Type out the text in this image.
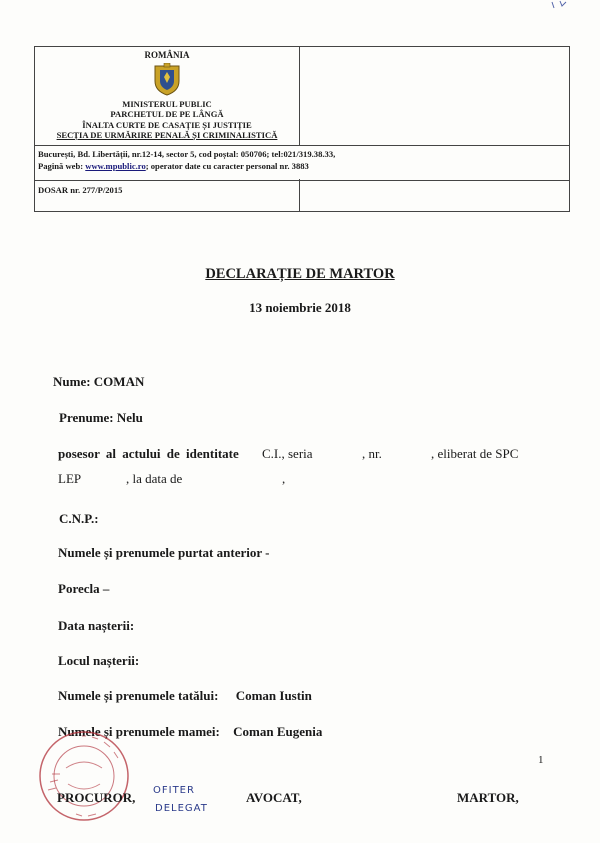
ROMÂNIA
MINISTERUL PUBLIC
PARCHETUL DE PE LÂNGĂ
ÎNALTA CURTE DE CASAȚIE ȘI JUSTIȚIE
SECȚIA DE URMĂRIRE PENALĂ ȘI CRIMINALISTICĂ
București, Bd. Libertății, nr.12-14, sector 5, cod poștal: 050706; tel:021/319.38.33,
Pagină web: www.mpublic.ro; operator date cu caracter personal nr. 3883
DOSAR nr. 277/P/2015
DECLARAȚIE DE MARTOR
13 noiembrie 2018
Nume: COMAN
Prenume: Nelu
posesor al actului de identitate C.I., seria	, nr.	, eliberat de SPC
LEP	, la data de	,
C.N.P.:
Numele și prenumele purtat anterior -
Porecla –
Data nașterii:
Locul nașterii:
Numele și prenumele tatălui: Coman Iustin
Numele și prenumele mamei: Coman Eugenia
1
PROCUROR, OFITER
DELEGAT
AVOCAT,	MARTOR,
